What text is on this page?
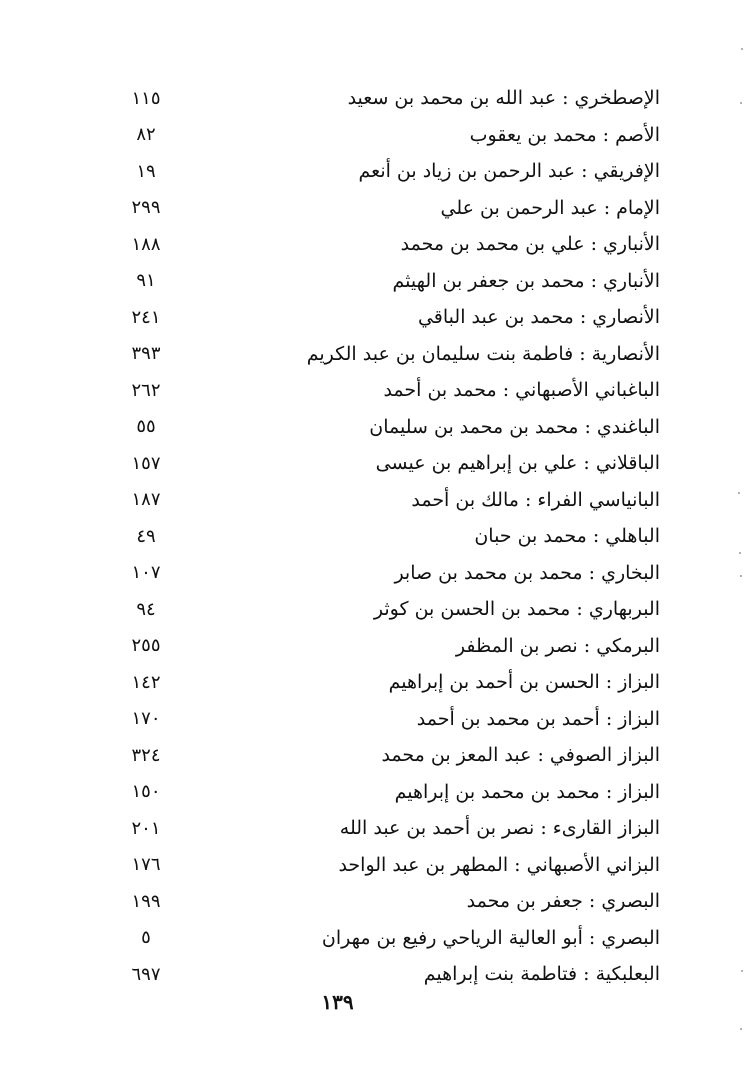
الإصطخري : عبد الله بن محمد بن سعيد
١١٥
الأصم : محمد بن يعقوب
٨٢
الإفريقي : عبد الرحمن بن زياد بن أنعم
١٩
الإمام : عبد الرحمن بن علي
٢٩٩
الأنباري : علي بن محمد بن محمد
١٨٨
الأنباري : محمد بن جعفر بن الهيثم
٩١
الأنصاري : محمد بن عبد الباقي
٢٤١
الأنصارية : فاطمة بنت سليمان بن عبد الكريم
٣٩٣
الباغباني الأصبهاني : محمد بن أحمد
٢٦٢
الباغندي : محمد بن محمد بن سليمان
٥٥
الباقلاني : علي بن إبراهيم بن عيسى
١٥٧
البانياسي الفراء : مالك بن أحمد
١٨٧
الباهلي : محمد بن حبان
٤٩
البخاري : محمد بن محمد بن صابر
١٠٧
البربهاري : محمد بن الحسن بن كوثر
٩٤
البرمكي : نصر بن المظفر
٢٥٥
البزاز : الحسن بن أحمد بن إبراهيم
١٤٢
البزاز : أحمد بن محمد بن أحمد
١٧٠
البزاز الصوفي : عبد المعز بن محمد
٣٢٤
البزاز : محمد بن محمد بن إبراهيم
١٥٠
البزاز القارىء : نصر بن أحمد بن عبد الله
٢٠١
البزاني الأصبهاني : المطهر بن عبد الواحد
١٧٦
البصري : جعفر بن محمد
١٩٩
البصري : أبو العالية الرياحي رفيع بن مهران
٥
البعلبكية : فتاطمة بنت إبراهيم
٦٩٧
١٣٩
